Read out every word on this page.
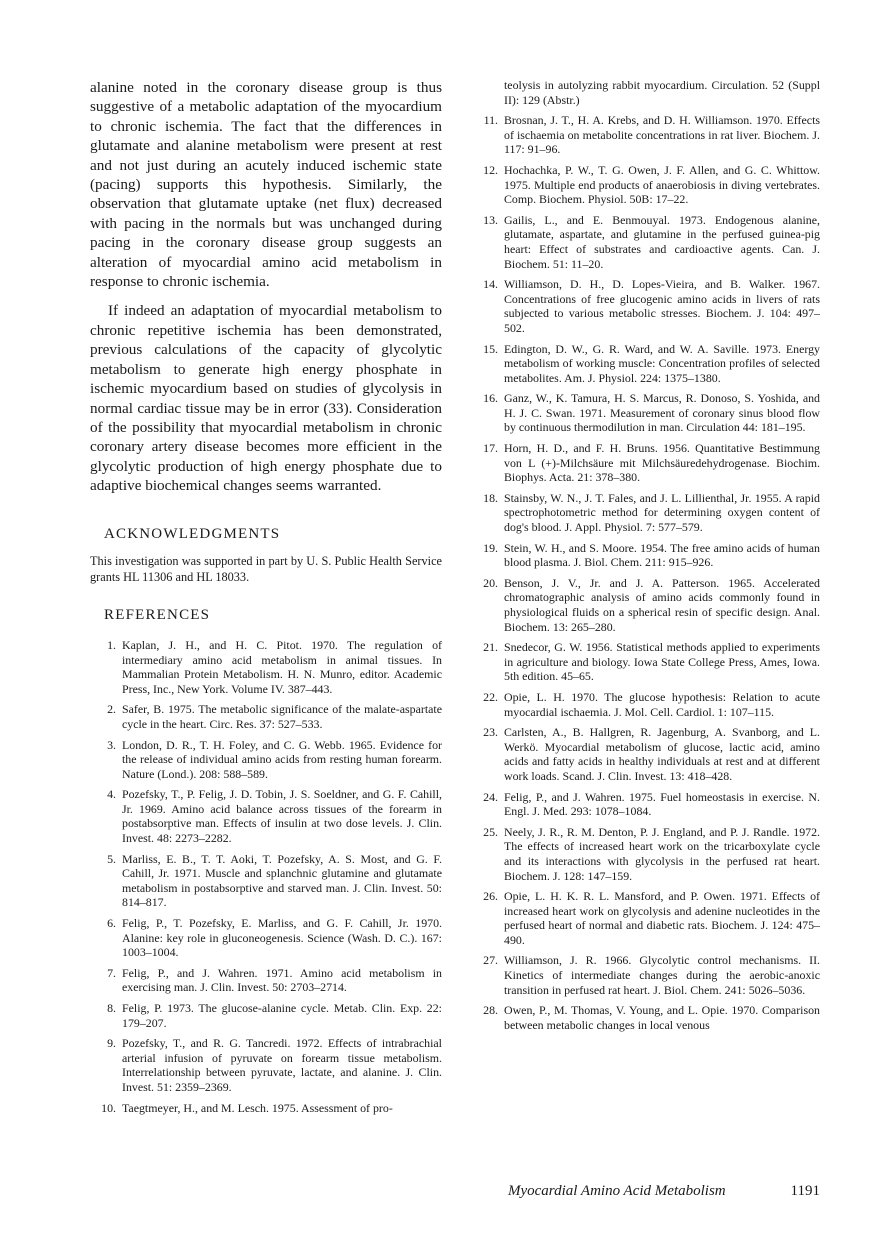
alanine noted in the coronary disease group is thus suggestive of a metabolic adaptation of the myocardium to chronic ischemia. The fact that the differences in glutamate and alanine metabolism were present at rest and not just during an acutely induced ischemic state (pacing) supports this hypothesis. Similarly, the observation that glutamate uptake (net flux) decreased with pacing in the normals but was unchanged during pacing in the coronary disease group suggests an alteration of myocardial amino acid metabolism in response to chronic ischemia.

If indeed an adaptation of myocardial metabolism to chronic repetitive ischemia has been demonstrated, previous calculations of the capacity of glycolytic metabolism to generate high energy phosphate in ischemic myocardium based on studies of glycolysis in normal cardiac tissue may be in error (33). Consideration of the possibility that myocardial metabolism in chronic coronary artery disease becomes more efficient in the glycolytic production of high energy phosphate due to adaptive biochemical changes seems warranted.

ACKNOWLEDGMENTS

This investigation was supported in part by U. S. Public Health Service grants HL 11306 and HL 18033.

REFERENCES
1. Kaplan, J. H., and H. C. Pitot. 1970. The regulation of intermediary amino acid metabolism in animal tissues. In Mammalian Protein Metabolism. H. N. Munro, editor. Academic Press, Inc., New York. Volume IV. 387–443.
2. Safer, B. 1975. The metabolic significance of the malate-aspartate cycle in the heart. Circ. Res. 37: 527–533.
3. London, D. R., T. H. Foley, and C. G. Webb. 1965. Evidence for the release of individual amino acids from resting human forearm. Nature (Lond.). 208: 588–589.
4. Pozefsky, T., P. Felig, J. D. Tobin, J. S. Soeldner, and G. F. Cahill, Jr. 1969. Amino acid balance across tissues of the forearm in postabsorptive man. Effects of insulin at two dose levels. J. Clin. Invest. 48: 2273–2282.
5. Marliss, E. B., T. T. Aoki, T. Pozefsky, A. S. Most, and G. F. Cahill, Jr. 1971. Muscle and splanchnic glutamine and glutamate metabolism in postabsorptive and starved man. J. Clin. Invest. 50: 814–817.
6. Felig, P., T. Pozefsky, E. Marliss, and G. F. Cahill, Jr. 1970. Alanine: key role in gluconeogenesis. Science (Wash. D. C.). 167: 1003–1004.
7. Felig, P., and J. Wahren. 1971. Amino acid metabolism in exercising man. J. Clin. Invest. 50: 2703–2714.
8. Felig, P. 1973. The glucose-alanine cycle. Metab. Clin. Exp. 22: 179–207.
9. Pozefsky, T., and R. G. Tancredi. 1972. Effects of intrabrachial arterial infusion of pyruvate on forearm tissue metabolism. Interrelationship between pyruvate, lactate, and alanine. J. Clin. Invest. 51: 2359–2369.
10. Taegtmeyer, H., and M. Lesch. 1975. Assessment of pro-

teolysis in autolyzing rabbit myocardium. Circulation. 52 (Suppl II): 129 (Abstr.)

11. Brosnan, J. T., H. A. Krebs, and D. H. Williamson. 1970. Effects of ischaemia on metabolite concentrations in rat liver. Biochem. J. 117: 91–96.
12. Hochachka, P. W., T. G. Owen, J. F. Allen, and G. C. Whittow. 1975. Multiple end products of anaerobiosis in diving vertebrates. Comp. Biochem. Physiol. 50B: 17–22.
13. Gailis, L., and E. Benmouyal. 1973. Endogenous alanine, glutamate, aspartate, and glutamine in the perfused guinea-pig heart: Effect of substrates and cardioactive agents. Can. J. Biochem. 51: 11–20.
14. Williamson, D. H., D. Lopes-Vieira, and B. Walker. 1967. Concentrations of free glucogenic amino acids in livers of rats subjected to various metabolic stresses. Biochem. J. 104: 497–502.
15. Edington, D. W., G. R. Ward, and W. A. Saville. 1973. Energy metabolism of working muscle: Concentration profiles of selected metabolites. Am. J. Physiol. 224: 1375–1380.
16. Ganz, W., K. Tamura, H. S. Marcus, R. Donoso, S. Yoshida, and H. J. C. Swan. 1971. Measurement of coronary sinus blood flow by continuous thermodilution in man. Circulation 44: 181–195.
17. Horn, H. D., and F. H. Bruns. 1956. Quantitative Bestimmung von L (+)-Milchsäure mit Milchsäuredehydrogenase. Biochim. Biophys. Acta. 21: 378–380.
18. Stainsby, W. N., J. T. Fales, and J. L. Lillienthal, Jr. 1955. A rapid spectrophotometric method for determining oxygen content of dog's blood. J. Appl. Physiol. 7: 577–579.
19. Stein, W. H., and S. Moore. 1954. The free amino acids of human blood plasma. J. Biol. Chem. 211: 915–926.
20. Benson, J. V., Jr. and J. A. Patterson. 1965. Accelerated chromatographic analysis of amino acids commonly found in physiological fluids on a spherical resin of specific design. Anal. Biochem. 13: 265–280.
21. Snedecor, G. W. 1956. Statistical methods applied to experiments in agriculture and biology. Iowa State College Press, Ames, Iowa. 5th edition. 45–65.
22. Opie, L. H. 1970. The glucose hypothesis: Relation to acute myocardial ischaemia. J. Mol. Cell. Cardiol. 1: 107–115.
23. Carlsten, A., B. Hallgren, R. Jagenburg, A. Svanborg, and L. Werkö. Myocardial metabolism of glucose, lactic acid, amino acids and fatty acids in healthy individuals at rest and at different work loads. Scand. J. Clin. Invest. 13: 418–428.
24. Felig, P., and J. Wahren. 1975. Fuel homeostasis in exercise. N. Engl. J. Med. 293: 1078–1084.
25. Neely, J. R., R. M. Denton, P. J. England, and P. J. Randle. 1972. The effects of increased heart work on the tricarboxylate cycle and its interactions with glycolysis in the perfused rat heart. Biochem. J. 128: 147–159.
26. Opie, L. H. K. R. L. Mansford, and P. Owen. 1971. Effects of increased heart work on glycolysis and adenine nucleotides in the perfused heart of normal and diabetic rats. Biochem. J. 124: 475–490.
27. Williamson, J. R. 1966. Glycolytic control mechanisms. II. Kinetics of intermediate changes during the aerobic-anoxic transition in perfused rat heart. J. Biol. Chem. 241: 5026–5036.
28. Owen, P., M. Thomas, V. Young, and L. Opie. 1970. Comparison between metabolic changes in local venous
Myocardial Amino Acid Metabolism	1191
